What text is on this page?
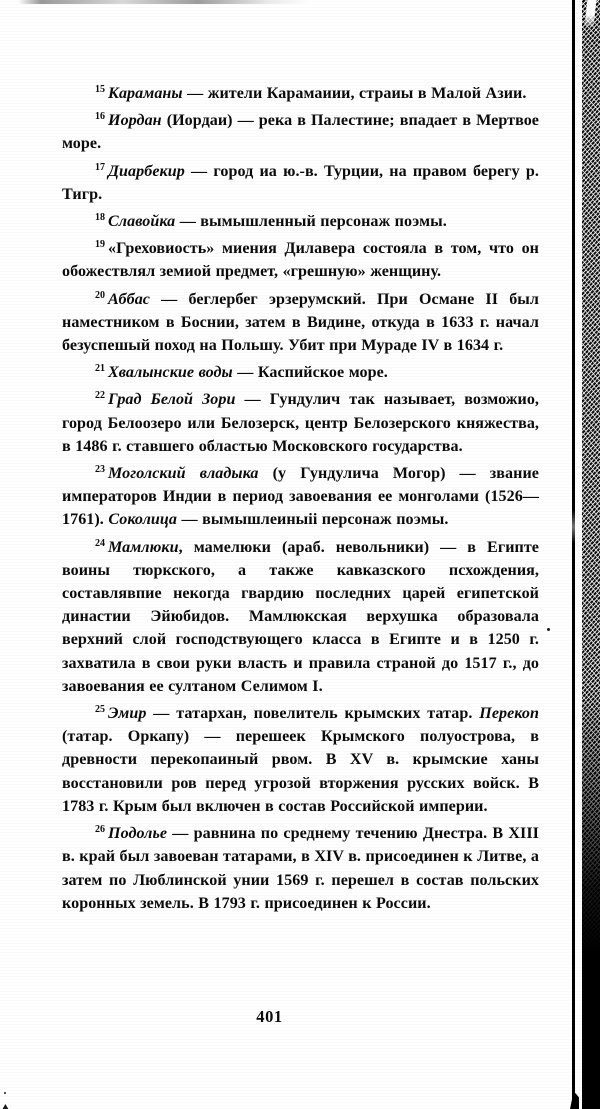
$^{15}$ Караманы — жители Карамаиии, страиы в Малой Азии.

$^{16}$ Иордан (Иордаи) — река в Палестине; впадает в Мертвое море.

$^{17}$ Диарбекир — город иа ю.-в. Турции, на правом берегу р. Тигр.

$^{18}$ Славойка — вымышленный персонаж поэмы.

$^{19}$ «Греховиость» миения Дилавера состояла в том, что он обожествлял земиой предмет, «грешную» женщину.

$^{20}$ Аббас — беглербег эрзерумский. При Османе II был наместником в Боснии, затем в Видине, откуда в 1633 г. начал безуспешый поход на Польшу. Убит при Мураде IV в 1634 г.

$^{21}$ Хвалынские воды — Каспийское море.

$^{22}$ Град Белой Зори — Гундулич так называет, возможио, город Белоозеро или Белозерск, центр Белозерского княжества, в 1486 г. ставшего областью Московского государства.

$^{23}$ Моголский владыка (у Гундулича Могор) — звание императоров Индии в период завоевания ее монголами (1526—1761). Соколица — вымышлеиныіі персонаж поэмы.

$^{24}$ Мамлюки, мамелюки (араб. невольники) — в Египте воины тюркского, а также кавказского псхождения, составлявпие некогда гвардию последних царей египетской династии Эйюбидов. Мамлюкская верхушка образовала верхний слой господствующего класса в Египте и в 1250 г. захватила в свои руки власть и правила страной до 1517 г., до завоевания ее султаном Селимом I.

$^{25}$ Эмир — татархан, повелитель крымских татар. Перекоп (татар. Оркапу) — перешеек Крымского полуострова, в древности перекопаиный рвом. В XV в. крымские ханы восстановили ров перед угрозой вторжения русских войск. В 1783 г. Крым был включен в состав Российской империи.

$^{26}$ Подолье — равнина по среднему течению Днестра. В XIII в. край был завоеван татарами, в XIV в. присоединен к Литве, а затем по Люблинской унии 1569 г. перешел в состав польских коронных земель. В 1793 г. присоединен к России.

401
